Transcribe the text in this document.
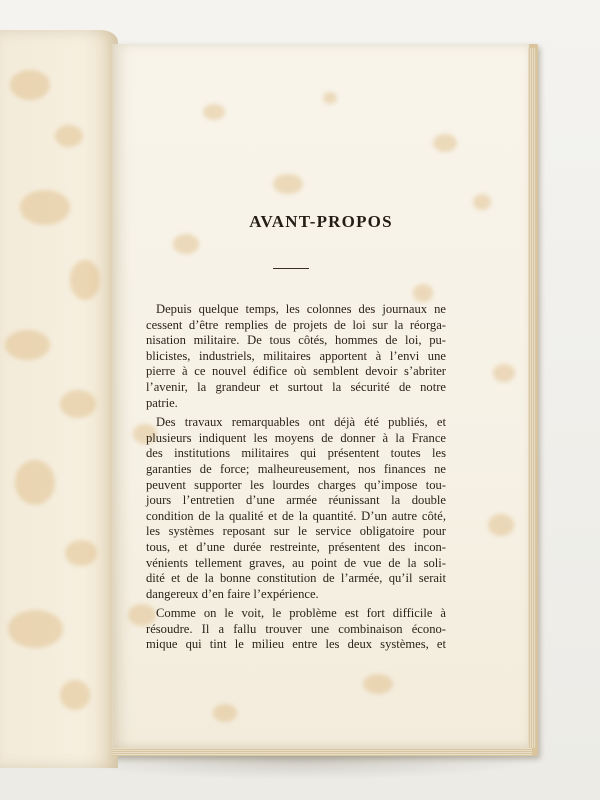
AVANT-PROPOS
Depuis quelque temps, les colonnes des journaux ne
cessent d’être remplies de projets de loi sur la réorga-
nisation militaire. De tous côtés, hommes de loi, pu-
blicistes, industriels, militaires apportent à l’envi une
pierre à ce nouvel édifice où semblent devoir s’abriter
l’avenir, la grandeur et surtout la sécurité de notre
patrie.
Des travaux remarquables ont déjà été publiés, et
plusieurs indiquent les moyens de donner à la France
des institutions militaires qui présentent toutes les
garanties de force; malheureusement, nos finances ne
peuvent supporter les lourdes charges qu’impose tou-
jours l’entretien d’une armée réunissant la double
condition de la qualité et de la quantité. D’un autre côté,
les systèmes reposant sur le service obligatoire pour
tous, et d’une durée restreinte, présentent des incon-
vénients tellement graves, au point de vue de la soli-
dité et de la bonne constitution de l’armée, qu’il serait
dangereux d’en faire l’expérience.
Comme on le voit, le problème est fort difficile à
résoudre. Il a fallu trouver une combinaison écono-
mique qui tint le milieu entre les deux systèmes, et
